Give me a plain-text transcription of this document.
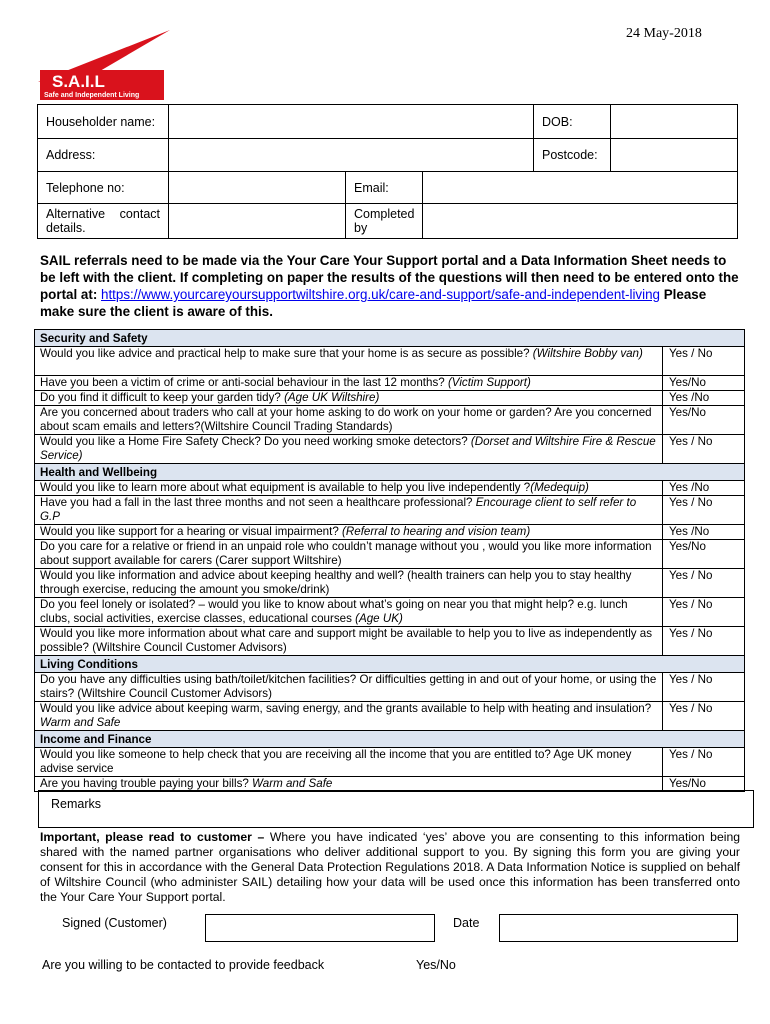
24 May-2018
S.A.I.L
Safe and Independent Living
Householder name:				DOB:	
Address:				Postcode:	
Telephone no:		Email:			
Alternative contact details.		Completed by			
SAIL referrals need to be made via the Your Care Your Support portal and a Data Information Sheet needs to be left with the client. If completing on paper the results of the questions will then need to be entered onto the portal at: https://www.yourcareyoursupportwiltshire.org.uk/care-and-support/safe-and-independent-living Please make sure the client is aware of this.
Security and Safety	
Would you like advice and practical help to make sure that your home is as secure as possible? (Wiltshire Bobby van)	Yes / No
Have you been a victim of crime or anti-social behaviour in the last 12 months? (Victim Support)	Yes/No
Do you find it difficult to keep your garden tidy? (Age UK Wiltshire)	Yes /No
Are you concerned about traders who call at your home asking to do work on your home or garden? Are you concerned about scam emails and letters?(Wiltshire Council Trading Standards)	Yes/No
Would you like a Home Fire Safety Check? Do you need working smoke detectors? (Dorset and Wiltshire Fire & Rescue Service)	Yes / No
Health and Wellbeing	
Would you like to learn more about what equipment is available to help you live independently ?(Medequip)	Yes /No
Have you had a fall in the last three months and not seen a healthcare professional? Encourage client to self refer to G.P	Yes / No
Would you like support for a hearing or visual impairment? (Referral to hearing and vision team)	Yes /No
Do you care for a relative or friend in an unpaid role who couldn’t manage without you , would you like more information about support available for carers (Carer support Wiltshire)	Yes/No
Would you like information and advice about keeping healthy and well? (health trainers can help you to stay healthy through exercise, reducing the amount you smoke/drink)	Yes / No
Do you feel lonely or isolated? – would you like to know about what’s going on near you that might help? e.g. lunch clubs, social activities, exercise classes, educational courses (Age UK)	Yes / No
Would you like more information about what care and support might be available to help you to live as independently as possible? (Wiltshire Council Customer Advisors)	Yes / No
Living Conditions	
Do you have any difficulties using bath/toilet/kitchen facilities? Or difficulties getting in and out of your home, or using the stairs? (Wiltshire Council Customer Advisors)	Yes / No
Would you like advice about keeping warm, saving energy, and the grants available to help with heating and insulation? Warm and Safe	Yes / No
Income and Finance	
Would you like someone to help check that you are receiving all the income that you are entitled to? Age UK money advise service	Yes / No
Are you having trouble paying your bills? Warm and Safe	Yes/No
Remarks
Important, please read to customer – Where you have indicated ‘yes’ above you are consenting to this information being shared with the named partner organisations who deliver additional support to you. By signing this form you are giving your consent for this in accordance with the General Data Protection Regulations 2018. A Data Information Notice is supplied on behalf of Wiltshire Council (who administer SAIL) detailing how your data will be used once this information has been transferred onto the Your Care Your Support portal.
Signed (Customer)	Date
Are you willing to be contacted to provide feedback	Yes/No
